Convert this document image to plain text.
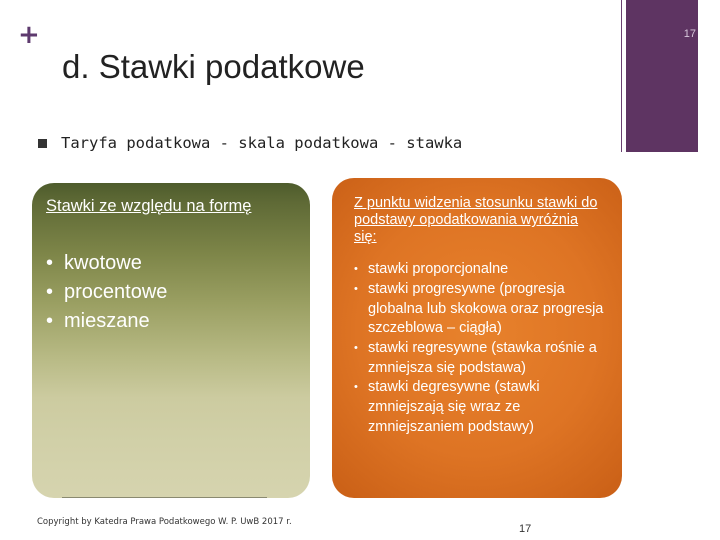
+	17
d. Stawki podatkowe
Taryfa podatkowa - skala podatkowa - stawka
Stawki ze względu na formę
• kwotowe
• procentowe
• mieszane
Z punktu widzenia stosunku stawki do podstawy opodatkowania wyróżnia się:
• stawki proporcjonalne
• stawki progresywne (progresja globalna lub skokowa oraz progresja szczeblowa – ciągła)
• stawki regresywne (stawka rośnie a zmniejsza się podstawa)
• stawki degresywne (stawki zmniejszają się wraz ze zmniejszaniem podstawy)
Copyright by Katedra Prawa Podatkowego W. P. UwB 2017 r.
17
